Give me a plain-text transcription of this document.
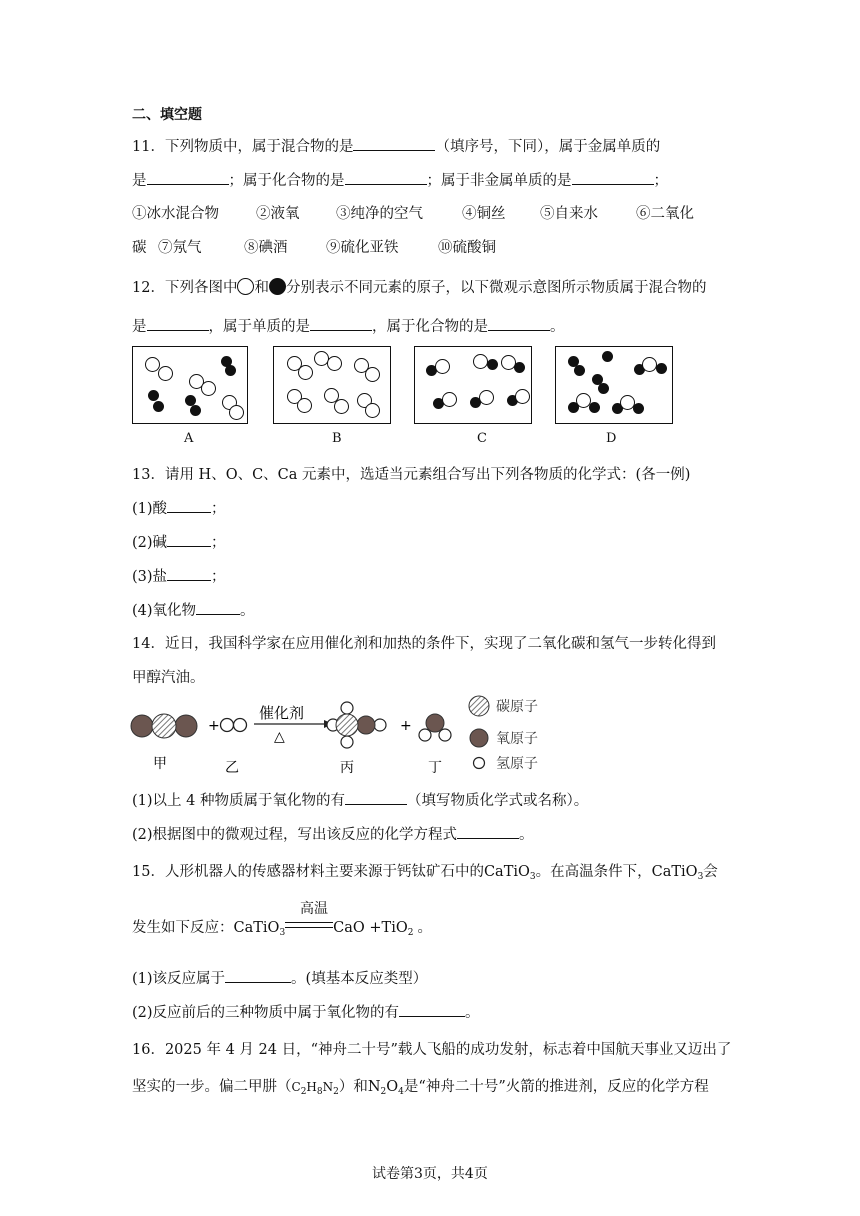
二、填空题
11．下列物质中，属于混合物的是	（填序号，下同），属于金属单质的
是	；属于化合物的是	；属于非金属单质的是	；
①冰水混合物	②液氧	③纯净的空气	④铜丝 ⑤自来水	⑥二氧化
碳 ⑦氖气	⑧碘酒	⑨硫化亚铁	⑩硫酸铜
12．下列各图中 和 分别表示不同元素的原子，以下微观示意图所示物质属于混合物的
是	，属于单质的是	，属于化合物的是	。
A	B	C	D
13．请用 H、O、C、Ca 元素中，选适当元素组合写出下列各物质的化学式：(各一例)
(1)酸	；
(2)碱	；
(3)盐	；
(4)氧化物	。
14．近日，我国科学家在应用催化剂和加热的条件下，实现了二氧化碳和氢气一步转化得到
甲醇汽油。
+
催化剂
△
+
甲	乙	丙	丁
碳原子
氧原子
氢原子
(1)以上 4 种物质属于氧化物的有	（填写物质化学式或名称）。
(2)根据图中的微观过程，写出该反应的化学方程式	。
15．人形机器人的传感器材料主要来源于钙钛矿石中的CaTiO$_3$。在高温条件下，CaTiO$_3$会
高温
发生如下反应：CaTiO$_3$	CaO +TiO$_2$ 。
(1)该反应属于	。(填基本反应类型）
(2)反应前后的三种物质中属于氧化物的有	。
16．2025 年 4 月 24 日，“神舟二十号”载人飞船的成功发射，标志着中国航天事业又迈出了
坚实的一步。偏二甲肼$(C_2H_8N_2)$和$N_2O_4$是“神舟二十号”火箭的推进剂，反应的化学方程
试卷第3页，共4页
